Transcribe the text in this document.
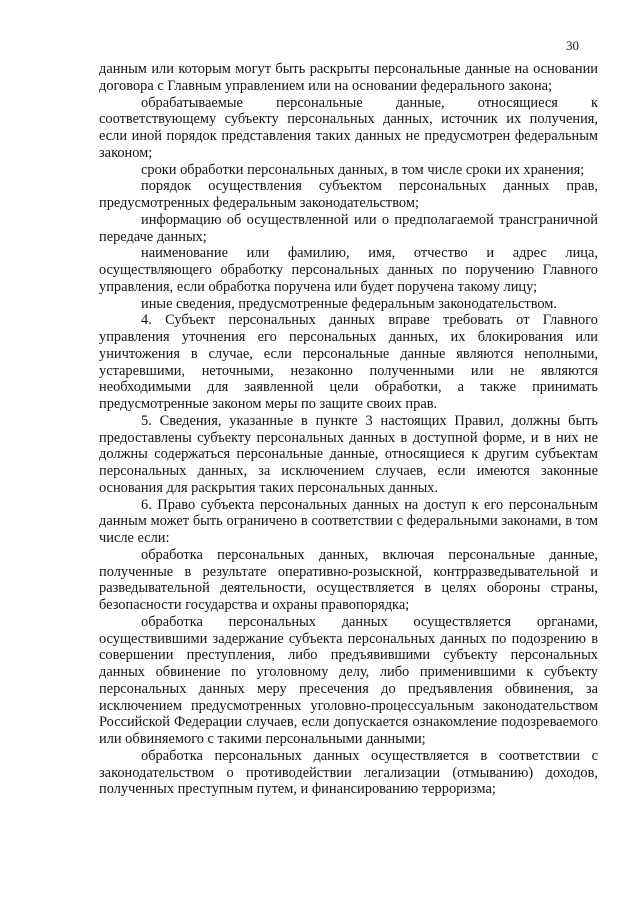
30

данным или которым могут быть раскрыты персональные данные на основании договора с Главным управлением или на основании федерального закона;

обрабатываемые персональные данные, относящиеся к соответствующему субъекту персональных данных, источник их получения, если иной порядок представления таких данных не предусмотрен федеральным законом;

сроки обработки персональных данных, в том числе сроки их хранения;

порядок осуществления субъектом персональных данных прав, предусмотренных федеральным законодательством;

информацию об осуществленной или о предполагаемой трансграничной передаче данных;

наименование или фамилию, имя, отчество и адрес лица, осуществляющего обработку персональных данных по поручению Главного управления, если обработка поручена или будет поручена такому лицу;

иные сведения, предусмотренные федеральным законодательством.

4. Субъект персональных данных вправе требовать от Главного управления уточнения его персональных данных, их блокирования или уничтожения в случае, если персональные данные являются неполными, устаревшими, неточными, незаконно полученными или не являются необходимыми для заявленной цели обработки, а также принимать предусмотренные законом меры по защите своих прав.

5. Сведения, указанные в пункте 3 настоящих Правил, должны быть предоставлены субъекту персональных данных в доступной форме, и в них не должны содержаться персональные данные, относящиеся к другим субъектам персональных данных, за исключением случаев, если имеются законные основания для раскрытия таких персональных данных.

6. Право субъекта персональных данных на доступ к его персональным данным может быть ограничено в соответствии с федеральными законами, в том числе если:

обработка персональных данных, включая персональные данные, полученные в результате оперативно-розыскной, контрразведывательной и разведывательной деятельности, осуществляется в целях обороны страны, безопасности государства и охраны правопорядка;

обработка персональных данных осуществляется органами, осуществившими задержание субъекта персональных данных по подозрению в совершении преступления, либо предъявившими субъекту персональных данных обвинение по уголовному делу, либо применившими к субъекту персональных данных меру пресечения до предъявления обвинения, за исключением предусмотренных уголовно-процессуальным законодательством Российской Федерации случаев, если допускается ознакомление подозреваемого или обвиняемого с такими персональными данными;

обработка персональных данных осуществляется в соответствии с законодательством о противодействии легализации (отмыванию) доходов, полученных преступным путем, и финансированию терроризма;
